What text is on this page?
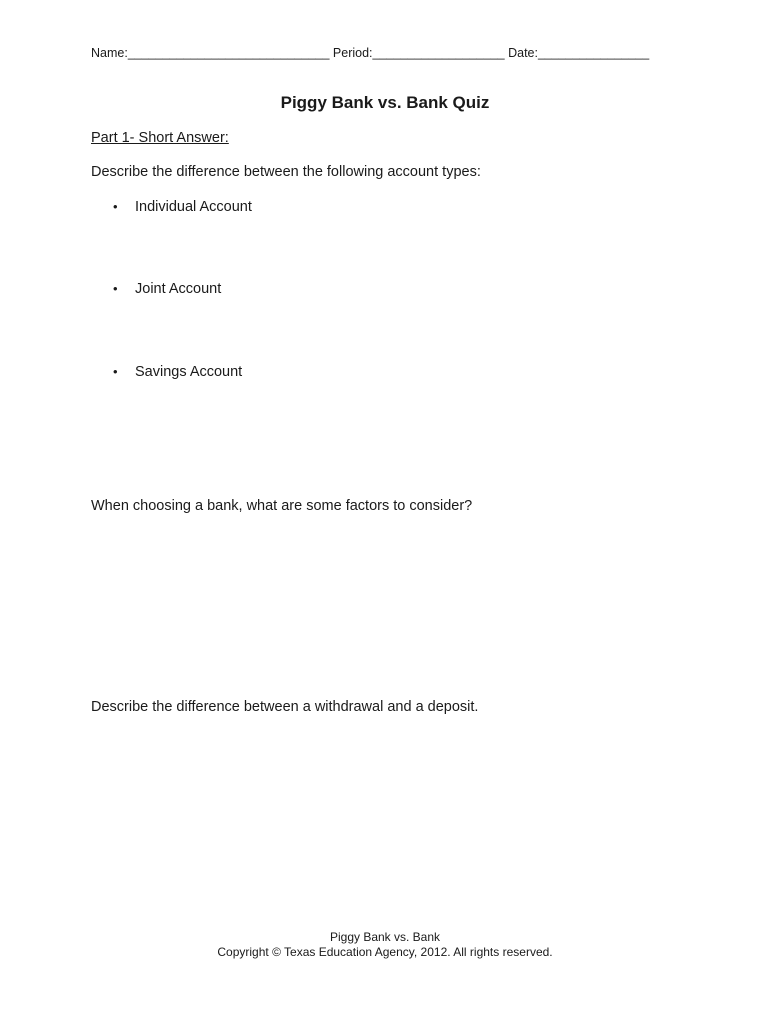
Name:_____________________________ Period:___________________ Date:________________
Piggy Bank vs. Bank Quiz
Part 1- Short Answer:
Describe the difference between the following account types:
• Individual Account
• Joint Account
• Savings Account
When choosing a bank, what are some factors to consider?
Describe the difference between a withdrawal and a deposit.
Piggy Bank vs. Bank
Copyright © Texas Education Agency, 2012. All rights reserved.
